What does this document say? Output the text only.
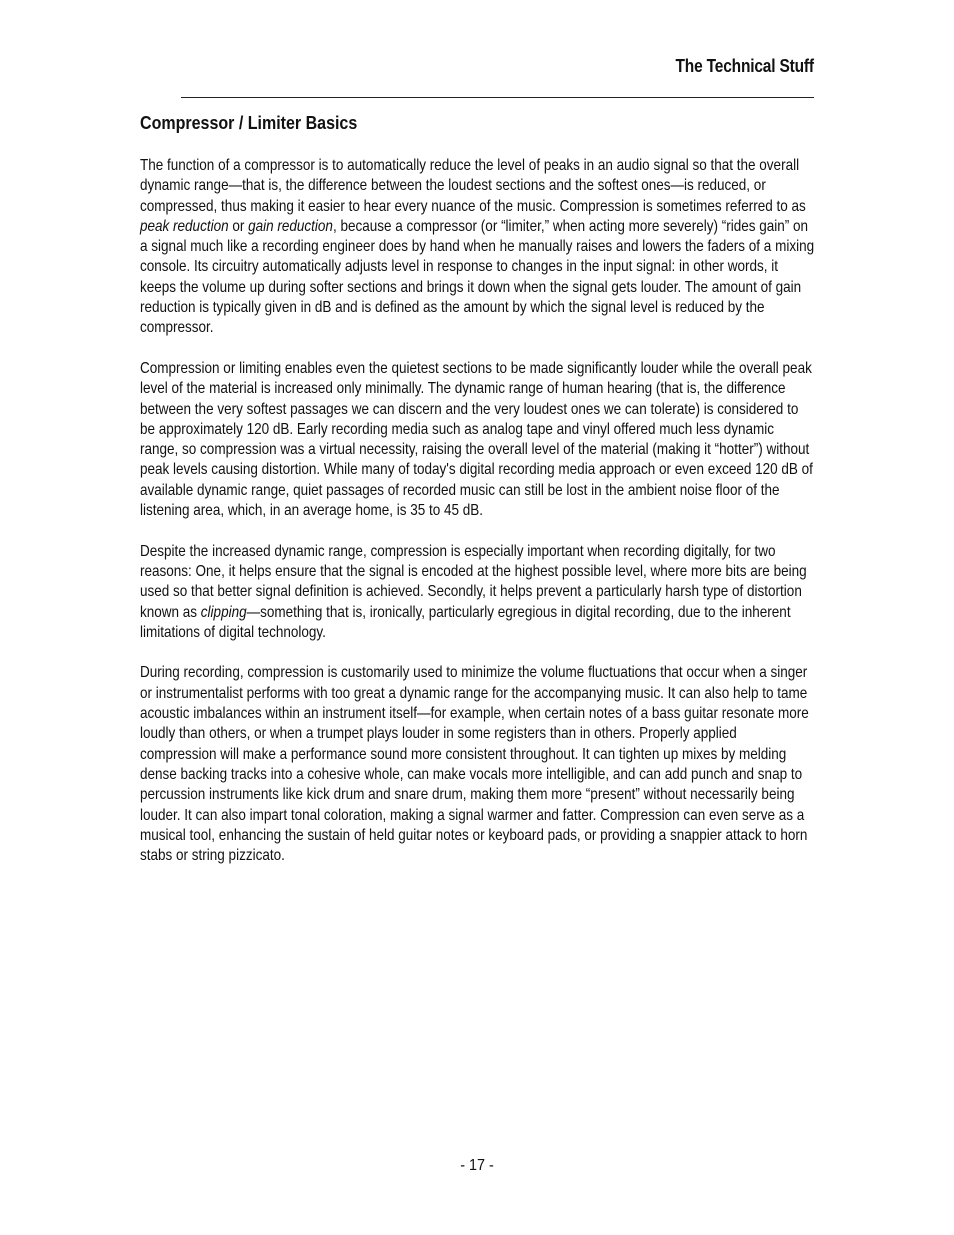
The Technical Stuff
Compressor / Limiter Basics

The function of a compressor is to automatically reduce the level of peaks in an audio signal so that the overall dynamic range—that is, the difference between the loudest sections and the softest ones—is reduced, or compressed, thus making it easier to hear every nuance of the music. Compression is sometimes referred to as peak reduction or gain reduction, because a compressor (or “limiter,” when acting more severely) “rides gain” on a signal much like a recording engineer does by hand when he manually raises and lowers the faders of a mixing console. Its circuitry automatically adjusts level in response to changes in the input signal: in other words, it keeps the volume up during softer sections and brings it down when the signal gets louder. The amount of gain reduction is typically given in dB and is defined as the amount by which the signal level is reduced by the compressor.

Compression or limiting enables even the quietest sections to be made significantly louder while the overall peak level of the material is increased only minimally. The dynamic range of human hearing (that is, the difference between the very softest passages we can discern and the very loudest ones we can tolerate) is considered to be approximately 120 dB. Early recording media such as analog tape and vinyl offered much less dynamic range, so compression was a virtual necessity, raising the overall level of the material (making it “hotter”) without peak levels causing distortion. While many of today's digital recording media approach or even exceed 120 dB of available dynamic range, quiet passages of recorded music can still be lost in the ambient noise floor of the listening area, which, in an average home, is 35 to 45 dB.

Despite the increased dynamic range, compression is especially important when recording digitally, for two reasons: One, it helps ensure that the signal is encoded at the highest possible level, where more bits are being used so that better signal definition is achieved. Secondly, it helps prevent a particularly harsh type of distortion known as clipping—something that is, ironically, particularly egregious in digital recording, due to the inherent limitations of digital technology.

During recording, compression is customarily used to minimize the volume fluctuations that occur when a singer or instrumentalist performs with too great a dynamic range for the accompanying music. It can also help to tame acoustic imbalances within an instrument itself—for example, when certain notes of a bass guitar resonate more loudly than others, or when a trumpet plays louder in some registers than in others. Properly applied compression will make a performance sound more consistent throughout. It can tighten up mixes by melding dense backing tracks into a cohesive whole, can make vocals more intelligible, and can add punch and snap to percussion instruments like kick drum and snare drum, making them more “present” without necessarily being louder. It can also impart tonal coloration, making a signal warmer and fatter. Compression can even serve as a musical tool, enhancing the sustain of held guitar notes or keyboard pads, or providing a snappier attack to horn stabs or string pizzicato.

- 17 -
